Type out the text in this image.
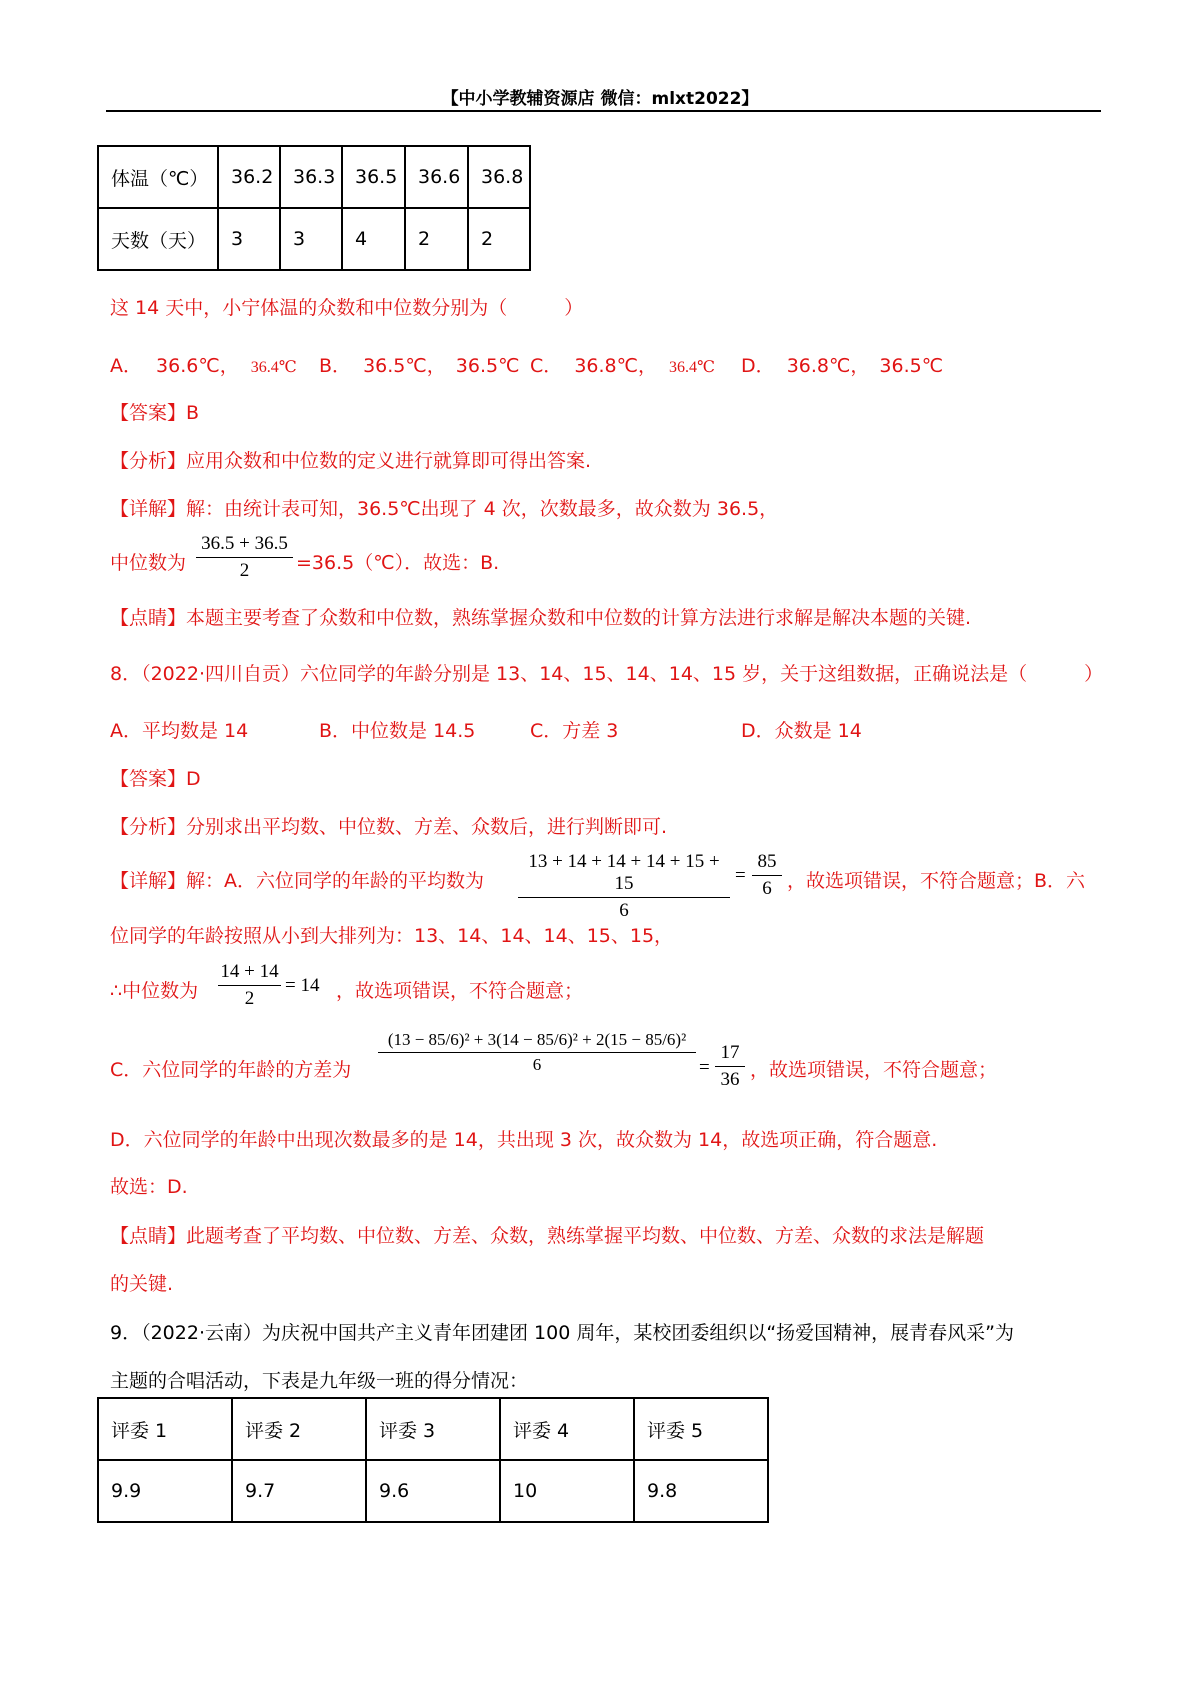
【中小学教辅资源店 微信：mlxt2022】
体温（℃）	36.2	36.3	36.5	36.6	36.8
天数（天）	3	3	4	2	2
这 14 天中，小宁体温的众数和中位数分别为（　　　）
A． 36.6℃， 36.4℃ B． 36.5℃， 36.5℃ C． 36.8℃， 36.4℃ D． 36.8℃， 36.5℃
【答案】B
【分析】应用众数和中位数的定义进行就算即可得出答案.
【详解】解：由统计表可知，36.5℃出现了 4 次，次数最多，故众数为 36.5，
中位数为
36.5 + 36.5
2	=36.5（℃）．故选：B.
【点睛】本题主要考查了众数和中位数，熟练掌握众数和中位数的计算方法进行求解是解决本题的关键.
8．（2022·四川自贡）六位同学的年龄分别是 13、14、15、14、14、15 岁，关于这组数据，正确说法是（　　　）
A．平均数是 14	B．中位数是 14.5	C．方差 3	D．众数是 14
【答案】D
【分析】分别求出平均数、中位数、方差、众数后，进行判断即可.
【详解】解：A．六位同学的年龄的平均数为
13 + 14 + 14 + 14 + 15 + 15
6
=
85
6 ，故选项错误，不符合题意；B．六
位同学的年龄按照从小到大排列为：13、14、14、14、15、15，
∴中位数为
14 + 14
2
= 14 ，故选项错误，不符合题意；
C．六位同学的年龄的方差为
(13 − 85/6)² + 3(14 − 85/6)² + 2(15 − 85/6)²
6	=
17
36 ，故选项错误，不符合题意；
D．六位同学的年龄中出现次数最多的是 14，共出现 3 次，故众数为 14，故选项正确，符合题意.
故选：D.
【点睛】此题考查了平均数、中位数、方差、众数，熟练掌握平均数、中位数、方差、众数的求法是解题
的关键.
9．（2022·云南）为庆祝中国共产主义青年团建团 100 周年，某校团委组织以“扬爱国精神，展青春风采”为
主题的合唱活动，下表是九年级一班的得分情况：
评委 1	评委 2	评委 3	评委 4	评委 5
9.9	9.7	9.6	10	9.8
